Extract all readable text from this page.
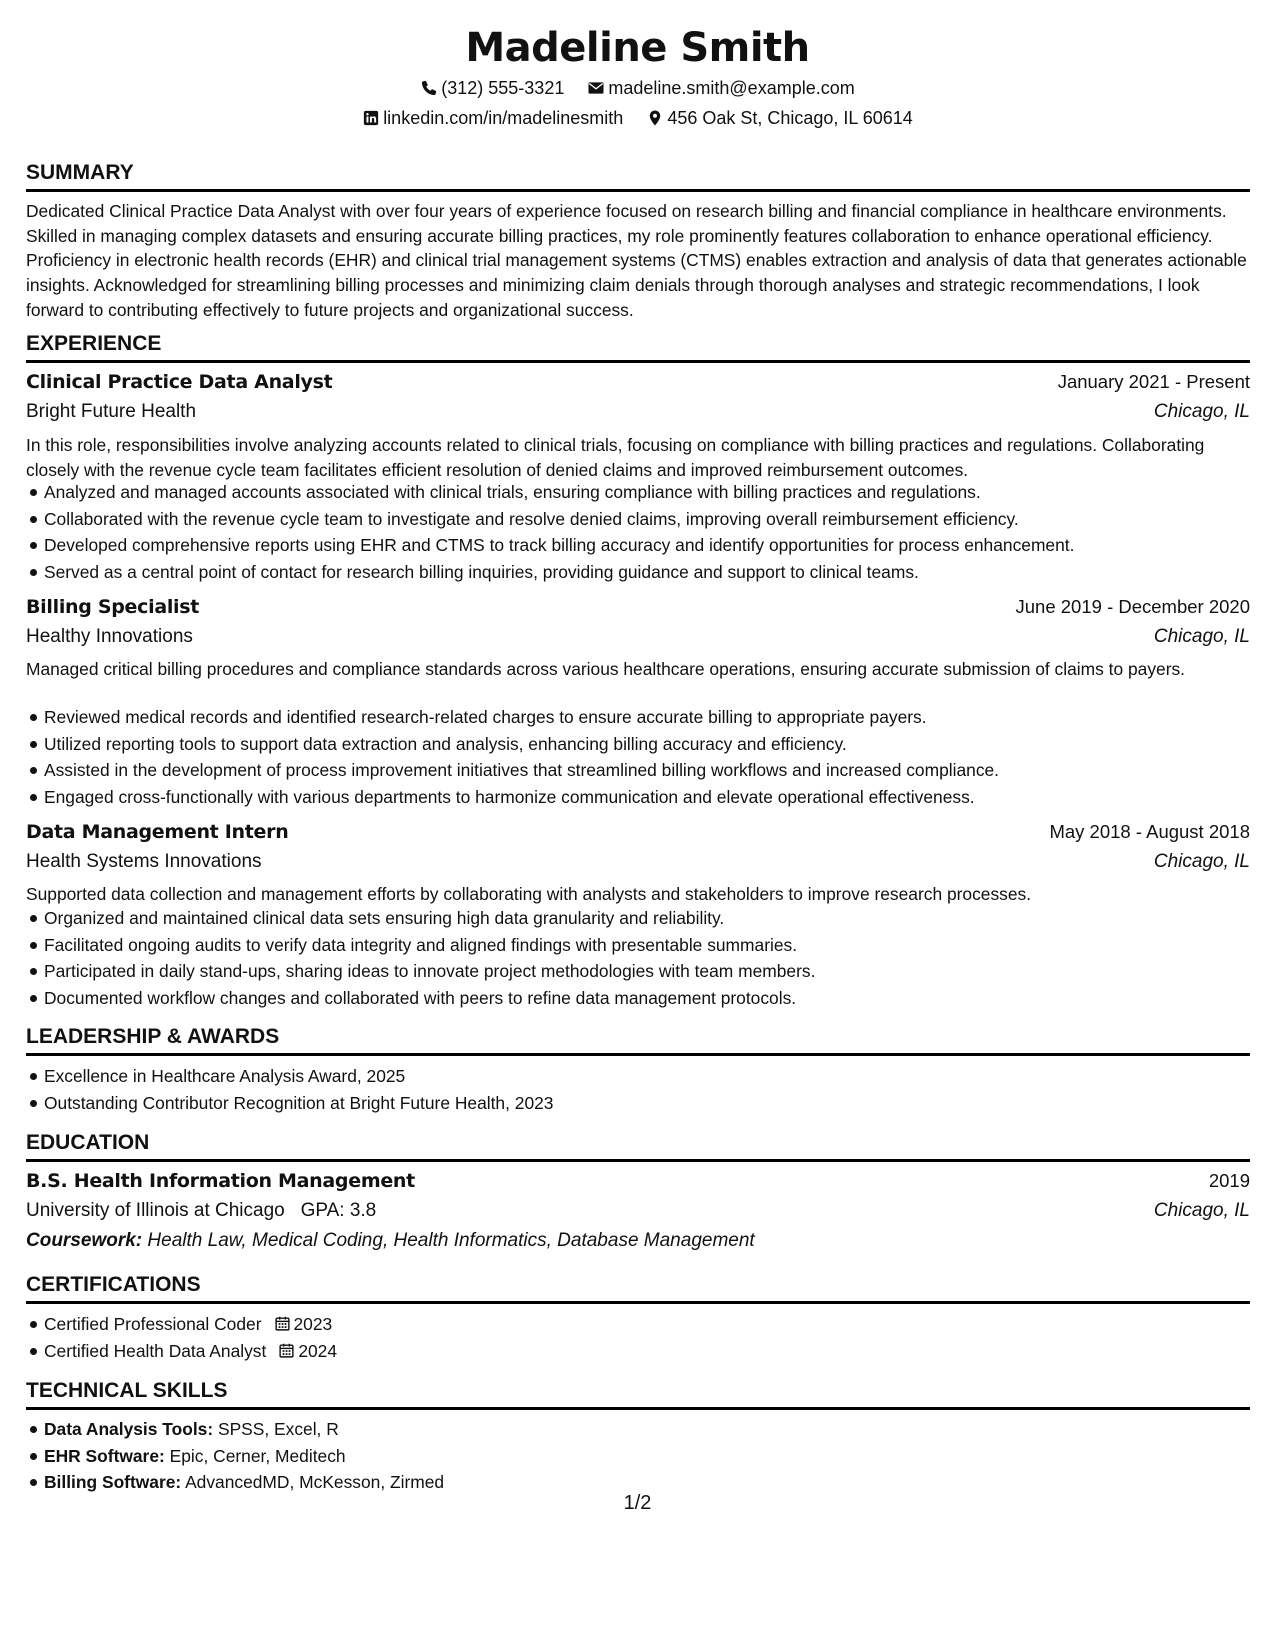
Madeline Smith
(312) 555-3321
madeline.smith@example.com
linkedin.com/in/madelinesmith
456 Oak St, Chicago, IL 60614
SUMMARY
Dedicated Clinical Practice Data Analyst with over four years of experience focused on research billing and financial compliance in healthcare environments. Skilled in managing complex datasets and ensuring accurate billing practices, my role prominently features collaboration to enhance operational efficiency. Proficiency in electronic health records (EHR) and clinical trial management systems (CTMS) enables extraction and analysis of data that generates actionable insights. Acknowledged for streamlining billing processes and minimizing claim denials through thorough analyses and strategic recommendations, I look forward to contributing effectively to future projects and organizational success.
EXPERIENCE
Clinical Practice Data Analyst	January 2021 - Present
Bright Future Health	Chicago, IL
In this role, responsibilities involve analyzing accounts related to clinical trials, focusing on compliance with billing practices and regulations. Collaborating closely with the revenue cycle team facilitates efficient resolution of denied claims and improved reimbursement outcomes.
Analyzed and managed accounts associated with clinical trials, ensuring compliance with billing practices and regulations.
Collaborated with the revenue cycle team to investigate and resolve denied claims, improving overall reimbursement efficiency.
Developed comprehensive reports using EHR and CTMS to track billing accuracy and identify opportunities for process enhancement.
Served as a central point of contact for research billing inquiries, providing guidance and support to clinical teams.
Billing Specialist	June 2019 - December 2020
Healthy Innovations	Chicago, IL
Managed critical billing procedures and compliance standards across various healthcare operations, ensuring accurate submission of claims to payers.
Reviewed medical records and identified research-related charges to ensure accurate billing to appropriate payers.
Utilized reporting tools to support data extraction and analysis, enhancing billing accuracy and efficiency.
Assisted in the development of process improvement initiatives that streamlined billing workflows and increased compliance.
Engaged cross-functionally with various departments to harmonize communication and elevate operational effectiveness.
Data Management Intern	May 2018 - August 2018
Health Systems Innovations	Chicago, IL
Supported data collection and management efforts by collaborating with analysts and stakeholders to improve research processes.
Organized and maintained clinical data sets ensuring high data granularity and reliability.
Facilitated ongoing audits to verify data integrity and aligned findings with presentable summaries.
Participated in daily stand-ups, sharing ideas to innovate project methodologies with team members.
Documented workflow changes and collaborated with peers to refine data management protocols.
LEADERSHIP & AWARDS
Excellence in Healthcare Analysis Award, 2025
Outstanding Contributor Recognition at Bright Future Health, 2023
EDUCATION
B.S. Health Information Management	2019
University of Illinois at Chicago GPA: 3.8	Chicago, IL
Coursework: Health Law, Medical Coding, Health Informatics, Database Management
CERTIFICATIONS
Certified Professional Coder 2023
Certified Health Data Analyst 2024
TECHNICAL SKILLS
Data Analysis Tools: SPSS, Excel, R
EHR Software: Epic, Cerner, Meditech
Billing Software: AdvancedMD, McKesson, Zirmed
1/2
